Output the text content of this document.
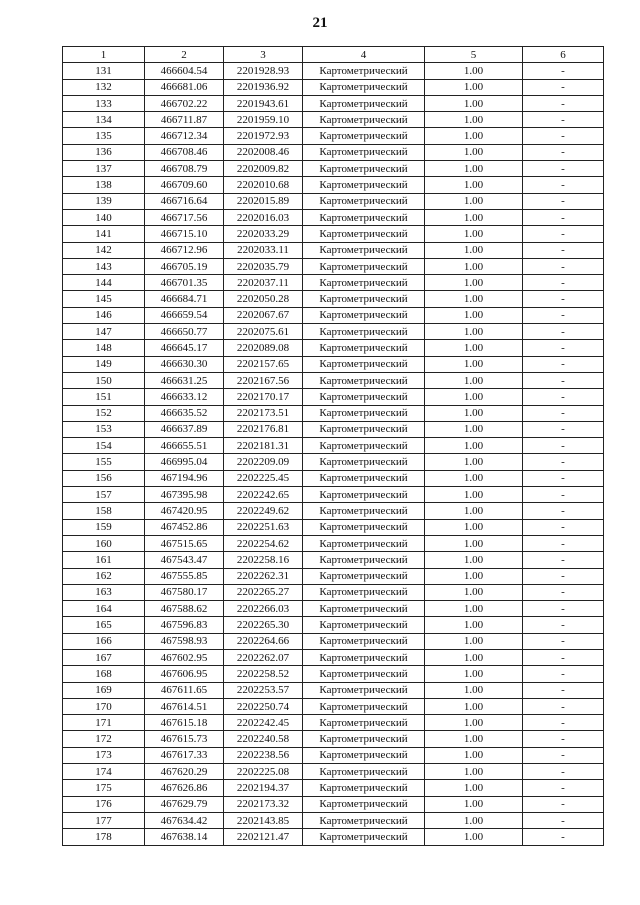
21
1	2	3	4	5	6
131	466604.54	2201928.93	Картометрический	1.00	-
132	466681.06	2201936.92	Картометрический	1.00	-
133	466702.22	2201943.61	Картометрический	1.00	-
134	466711.87	2201959.10	Картометрический	1.00	-
135	466712.34	2201972.93	Картометрический	1.00	-
136	466708.46	2202008.46	Картометрический	1.00	-
137	466708.79	2202009.82	Картометрический	1.00	-
138	466709.60	2202010.68	Картометрический	1.00	-
139	466716.64	2202015.89	Картометрический	1.00	-
140	466717.56	2202016.03	Картометрический	1.00	-
141	466715.10	2202033.29	Картометрический	1.00	-
142	466712.96	2202033.11	Картометрический	1.00	-
143	466705.19	2202035.79	Картометрический	1.00	-
144	466701.35	2202037.11	Картометрический	1.00	-
145	466684.71	2202050.28	Картометрический	1.00	-
146	466659.54	2202067.67	Картометрический	1.00	-
147	466650.77	2202075.61	Картометрический	1.00	-
148	466645.17	2202089.08	Картометрический	1.00	-
149	466630.30	2202157.65	Картометрический	1.00	-
150	466631.25	2202167.56	Картометрический	1.00	-
151	466633.12	2202170.17	Картометрический	1.00	-
152	466635.52	2202173.51	Картометрический	1.00	-
153	466637.89	2202176.81	Картометрический	1.00	-
154	466655.51	2202181.31	Картометрический	1.00	-
155	466995.04	2202209.09	Картометрический	1.00	-
156	467194.96	2202225.45	Картометрический	1.00	-
157	467395.98	2202242.65	Картометрический	1.00	-
158	467420.95	2202249.62	Картометрический	1.00	-
159	467452.86	2202251.63	Картометрический	1.00	-
160	467515.65	2202254.62	Картометрический	1.00	-
161	467543.47	2202258.16	Картометрический	1.00	-
162	467555.85	2202262.31	Картометрический	1.00	-
163	467580.17	2202265.27	Картометрический	1.00	-
164	467588.62	2202266.03	Картометрический	1.00	-
165	467596.83	2202265.30	Картометрический	1.00	-
166	467598.93	2202264.66	Картометрический	1.00	-
167	467602.95	2202262.07	Картометрический	1.00	-
168	467606.95	2202258.52	Картометрический	1.00	-
169	467611.65	2202253.57	Картометрический	1.00	-
170	467614.51	2202250.74	Картометрический	1.00	-
171	467615.18	2202242.45	Картометрический	1.00	-
172	467615.73	2202240.58	Картометрический	1.00	-
173	467617.33	2202238.56	Картометрический	1.00	-
174	467620.29	2202225.08	Картометрический	1.00	-
175	467626.86	2202194.37	Картометрический	1.00	-
176	467629.79	2202173.32	Картометрический	1.00	-
177	467634.42	2202143.85	Картометрический	1.00	-
178	467638.14	2202121.47	Картометрический	1.00	-
